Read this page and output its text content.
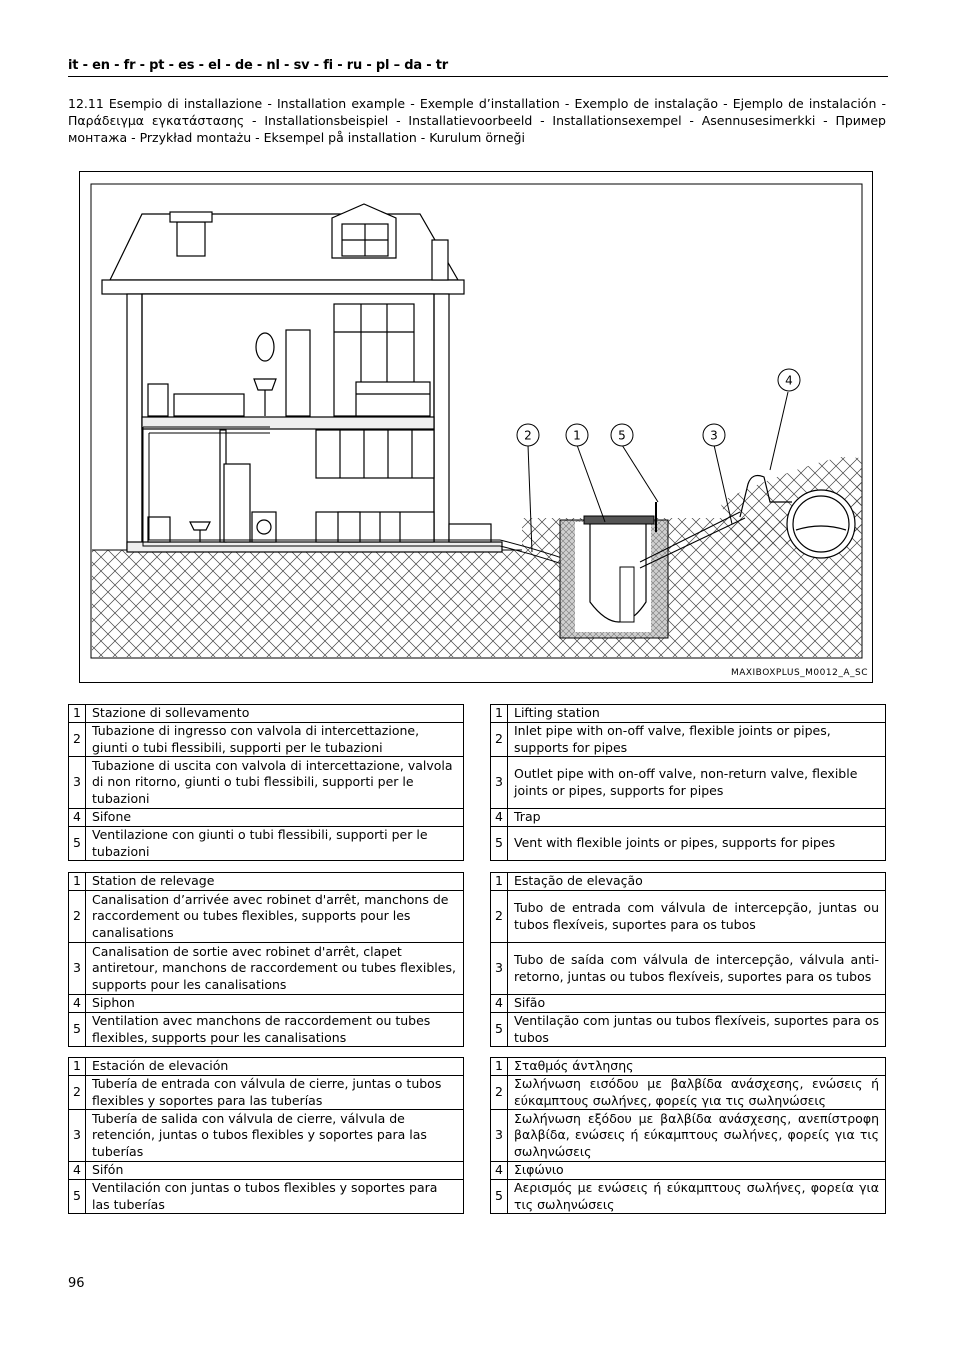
it - en - fr - pt - es - el - de - nl - sv - fi - ru - pl – da - tr
12.11 Esempio di installazione - Installation example - Exemple d’installation - Exemplo de instalação - Ejemplo de instalación - Παράδειγμα εγκατάστασης - Installationsbeispiel - Installatievoorbeeld - Installationsexempel - Asennusesimerkki - Пример монтажа - Przykład montażu - Eksempel på installation - Kurulum örneği
2	1	5	3
4
MAXIBOXPLUS_M0012_A_SC
1	Stazione di sollevamento
2	Tubazione di ingresso con valvola di intercettazione, giunti o tubi flessibili, supporti per le tubazioni
3	Tubazione di uscita con valvola di intercettazione, valvola di non ritorno, giunti o tubi flessibili, supporti per le tubazioni
4	Sifone
5	Ventilazione con giunti o tubi flessibili, supporti per le tubazioni
1	Lifting station
2	Inlet pipe with on-off valve, flexible joints or pipes, supports for pipes
3	Outlet pipe with on-off valve, non-return valve, flexible joints or pipes, supports for pipes
4	Trap
5	Vent with flexible joints or pipes, supports for pipes
1	Station de relevage
2	Canalisation d’arrivée avec robinet d'arrêt, manchons de raccordement ou tubes flexibles, supports pour les canalisations
3	Canalisation de sortie avec robinet d'arrêt, clapet antiretour, manchons de raccordement ou tubes flexibles, supports pour les canalisations
4	Siphon
5	Ventilation avec manchons de raccordement ou tubes flexibles, supports pour les canalisations
1	Estação de elevação
2	Tubo de entrada com válvula de intercepção, juntas ou tubos flexíveis, suportes para os tubos
3	Tubo de saída com válvula de intercepção, válvula anti-retorno, juntas ou tubos flexíveis, suportes para os tubos
4	Sifão
5	Ventilação com juntas ou tubos flexíveis, suportes para os tubos
1	Estación de elevación
2	Tubería de entrada con válvula de cierre, juntas o tubos flexibles y soportes para las tuberías
3	Tubería de salida con válvula de cierre, válvula de retención, juntas o tubos flexibles y soportes para las tuberías
4	Sifón
5	Ventilación con juntas o tubos flexibles y soportes para las tuberías
1	Σταθμός άντλησης
2	Σωλήνωση εισόδου με βαλβίδα ανάσχεσης, ενώσεις ή εύκαμπτους σωλήνες, φορείς για τις σωληνώσεις
3	Σωλήνωση εξόδου με βαλβίδα ανάσχεσης, ανεπίστροφη βαλβίδα, ενώσεις ή εύκαμπτους σωλήνες, φορείς για τις σωληνώσεις
4	Σιφώνιο
5	Αερισμός με ενώσεις ή εύκαμπτους σωλήνες, φορεία για τις σωληνώσεις
96
